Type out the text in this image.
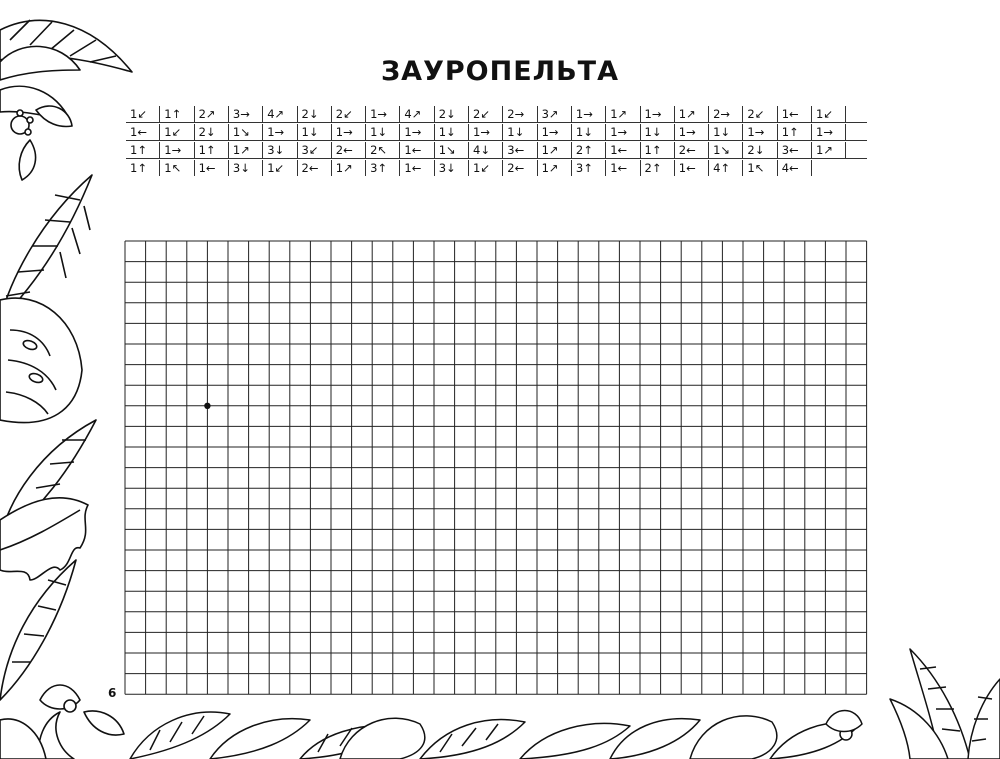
ЗАУРОПЕЛЬТА
1↙	1↑	2↗	3→	4↗	2↓	2↙	1→	4↗	2↓	2↙	2→	3↗	1→	1↗	1→	1↗	2→	2↙	1←	1↙
1←	1↙	2↓	1↘	1→	1↓	1→	1↓	1→	1↓	1→	1↓	1→	1↓	1→	1↓	1→	1↓	1→	1↑	1→
1↑	1→	1↑	1↗	3↓	3↙	2←	2↖	1←	1↘	4↓	3←	1↗	2↑	1←	1↑	2←	1↘	2↓	3←	1↗
1↑	1↖	1←	3↓	1↙	2←	1↗	3↑	1←	3↓	1↙	2←	1↗	3↑	1←	2↑	1←	4↑	1↖	4←
6
